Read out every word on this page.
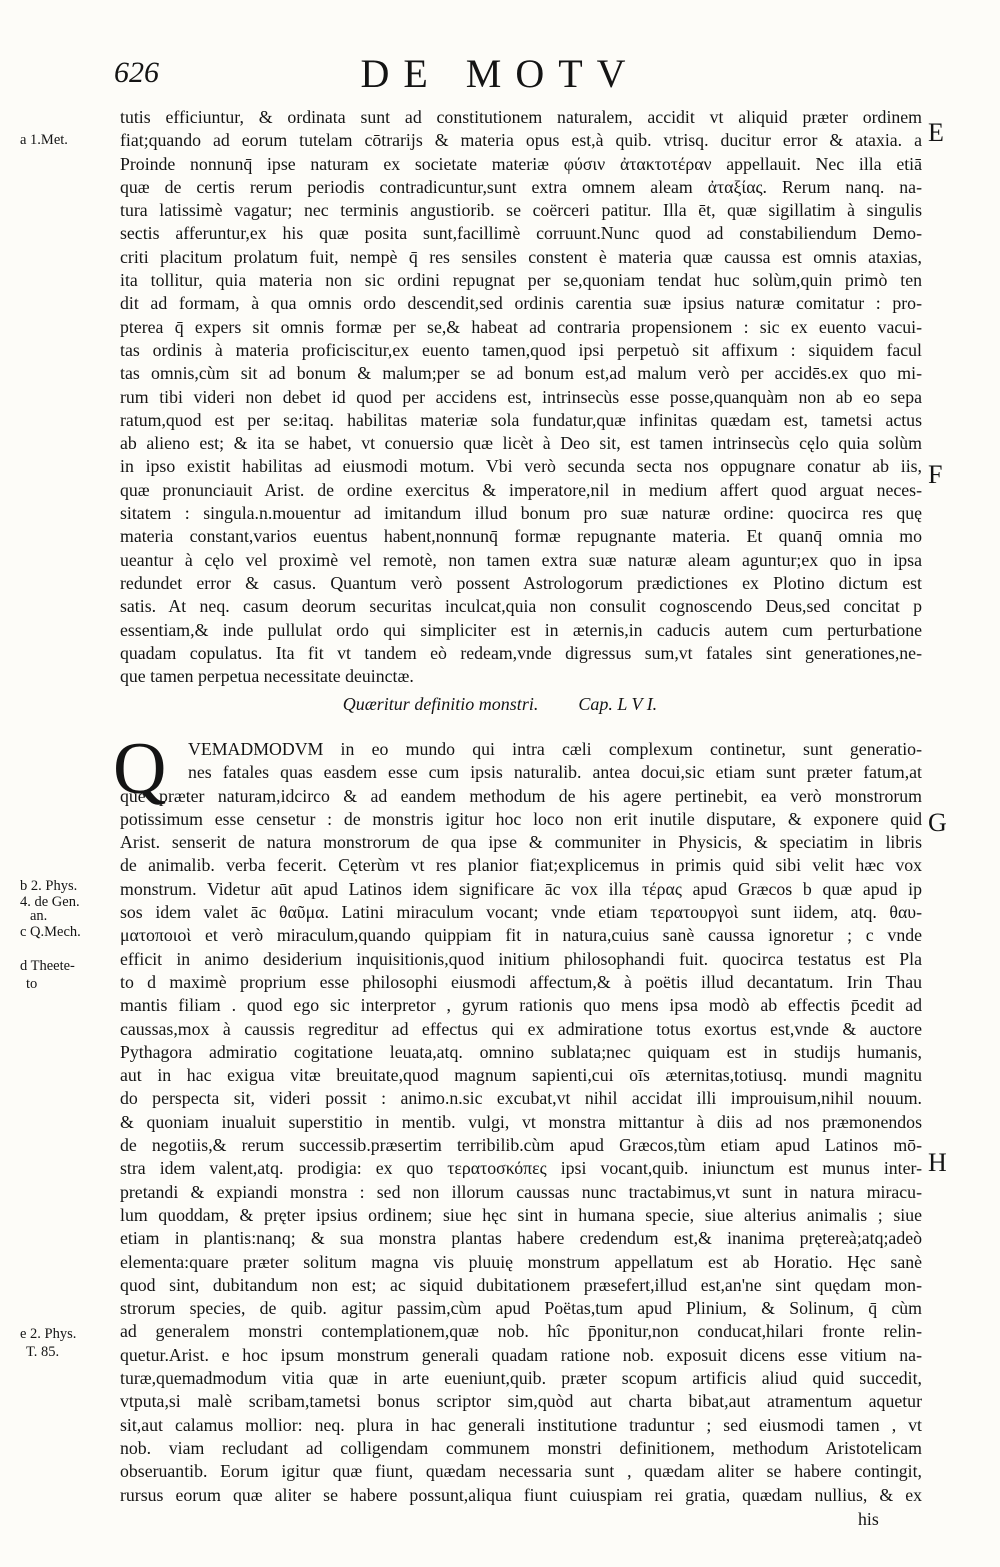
626	DE MOTV
E
F
G
H
a 1.Met.
b 2. Phys.
4. de Gen.
an.
c Q.Mech.
d Theete-
to
e 2. Phys.
T. 85.
tutis efficiuntur, & ordinata sunt ad constitutionem naturalem, accidit vt aliquid præter ordinem
fiat;quando ad eorum tutelam cōtrarijs & materia opus est,à quib. vtrisq. ducitur error & ataxia. a
Proinde nonnunq̄ ipse naturam ex societate materiæ φύσιν ἀτακτοτέραν appellauit. Nec illa etiā
quæ de certis rerum periodis contradicuntur,sunt extra omnem aleam ἀταξίας. Rerum nanq. na-
tura latissimè vagatur; nec terminis angustiorib. se coërceri patitur. Illa ēt, quæ sigillatim à singulis
sectis afferuntur,ex his quæ posita sunt,facillimè corruunt.Nunc quod ad constabiliendum Demo-
criti placitum prolatum fuit, nempè q̄ res sensiles constent è materia quæ caussa est omnis ataxias,
ita tollitur, quia materia non sic ordini repugnat per se,quoniam tendat huc solùm,quin primò ten
dit ad formam, à qua omnis ordo descendit,sed ordinis carentia suæ ipsius naturæ comitatur : pro-
pterea q̄ expers sit omnis formæ per se,& habeat ad contraria propensionem : sic ex euento vacui-
tas ordinis à materia proficiscitur,ex euento tamen,quod ipsi perpetuò sit affixum : siquidem facul
tas omnis,cùm sit ad bonum & malum;per se ad bonum est,ad malum verò per accidēs.ex quo mi-
rum tibi videri non debet id quod per accidens est, intrinsecùs esse posse,quanquàm non ab eo sepa
ratum,quod est per se:itaq. habilitas materiæ sola fundatur,quæ infinitas quædam est, tametsi actus
ab alieno est; & ita se habet, vt conuersio quæ licèt à Deo sit, est tamen intrinsecùs cęlo quia solùm
in ipso existit habilitas ad eiusmodi motum. Vbi verò secunda secta nos oppugnare conatur ab iis,
quæ pronunciauit Arist. de ordine exercitus & imperatore,nil in medium affert quod arguat neces-
sitatem : singula.n.mouentur ad imitandum illud bonum pro suæ naturæ ordine: quocirca res quę
materia constant,varios euentus habent,nonnunq̄ formæ repugnante materia. Et quanq̄ omnia mo
ueantur à cęlo vel proximè vel remotè, non tamen extra suæ naturæ aleam aguntur;ex quo in ipsa
redundet error & casus. Quantum verò possent Astrologorum prædictiones ex Plotino dictum est
satis. At neq. casum deorum securitas inculcat,quia non consulit cognoscendo Deus,sed concitat p
essentiam,& inde pullulat ordo qui simpliciter est in æternis,in caducis autem cum perturbatione
quadam copulatus. Ita fit vt tandem eò redeam,vnde digressus sum,vt fatales sint generationes,ne-
que tamen perpetua necessitate deuinctæ.
Quæritur definitio monstri. Cap. L V I.
Q	VEMADMODVM in eo mundo qui intra cæli complexum continetur, sunt generatio-
nes fatales quas easdem esse cum ipsis naturalib. antea docui,sic etiam sunt præter fatum,at
que præter naturam,idcirco & ad eandem methodum de his agere pertinebit, ea verò monstrorum
potissimum esse censetur : de monstris igitur hoc loco non erit inutile disputare, & exponere quid
Arist. senserit de natura monstrorum de qua ipse & communiter in Physicis, & speciatim in libris
de animalib. verba fecerit. Cęterùm vt res planior fiat;explicemus in primis quid sibi velit hæc vox
monstrum. Videtur aūt apud Latinos idem significare āc vox illa τέρας apud Græcos b quæ apud ip
sos idem valet āc θαῦμα. Latini miraculum vocant; vnde etiam τερατουργοὶ sunt iidem, atq. θαυ-
ματοποιοὶ et verò miraculum,quando quippiam fit in natura,cuius sanè caussa ignoretur ; c vnde
efficit in animo desiderium inquisitionis,quod initium philosophandi fuit. quocirca testatus est Pla
to d maximè proprium esse philosophi eiusmodi affectum,& à poëtis illud decantatum. Irin Thau
mantis filiam . quod ego sic interpretor , gyrum rationis quo mens ipsa modò ab effectis p̄cedit ad
caussas,mox à caussis regreditur ad effectus qui ex admiratione totus exortus est,vnde & auctore
Pythagora admiratio cogitatione leuata,atq. omnino sublata;nec quiquam est in studijs humanis,
aut in hac exigua vitæ breuitate,quod magnum sapienti,cui oīs æternitas,totiusq. mundi magnitu
do perspecta sit, videri possit : animo.n.sic excubat,vt nihil accidat illi improuisum,nihil nouum.
& quoniam inualuit superstitio in mentib. vulgi, vt monstra mittantur à diis ad nos præmonendos
de negotiis,& rerum successib.præsertim terribilib.cùm apud Græcos,tùm etiam apud Latinos mō-
stra idem valent,atq. prodigia: ex quo τερατοσκόπες ipsi vocant,quib. iniunctum est munus inter-
pretandi & expiandi monstra : sed non illorum caussas nunc tractabimus,vt sunt in natura miracu-
lum quoddam, & pręter ipsius ordinem; siue hęc sint in humana specie, siue alterius animalis ; siue
etiam in plantis:nanq; & sua monstra plantas habere credendum est,& inanima prętereà;atq;adeò
elementa:quare præter solitum magna vis pluuię monstrum appellatum est ab Horatio. Hęc sanè
quod sint, dubitandum non est; ac siquid dubitationem præsefert,illud est,an'ne sint quędam mon-
strorum species, de quib. agitur passim,cùm apud Poëtas,tum apud Plinium, & Solinum, q̄ cùm
ad generalem monstri contemplationem,quæ nob. hîc p̄ponitur,non conducat,hilari fronte relin-
quetur.Arist. e hoc ipsum monstrum generali quadam ratione nob. exposuit dicens esse vitium na-
turæ,quemadmodum vitia quæ in arte eueniunt,quib. præter scopum artificis aliud quid succedit,
vtputa,si malè scribam,tametsi bonus scriptor sim,quòd aut charta bibat,aut atramentum aquetur
sit,aut calamus mollior: neq. plura in hac generali institutione traduntur ; sed eiusmodi tamen , vt
nob. viam recludant ad colligendam communem monstri definitionem, methodum Aristotelicam
obseruantib. Eorum igitur quæ fiunt, quædam necessaria sunt , quædam aliter se habere contingit,
rursus eorum quæ aliter se habere possunt,aliqua fiunt cuiuspiam rei gratia, quædam nullius, & ex
his
